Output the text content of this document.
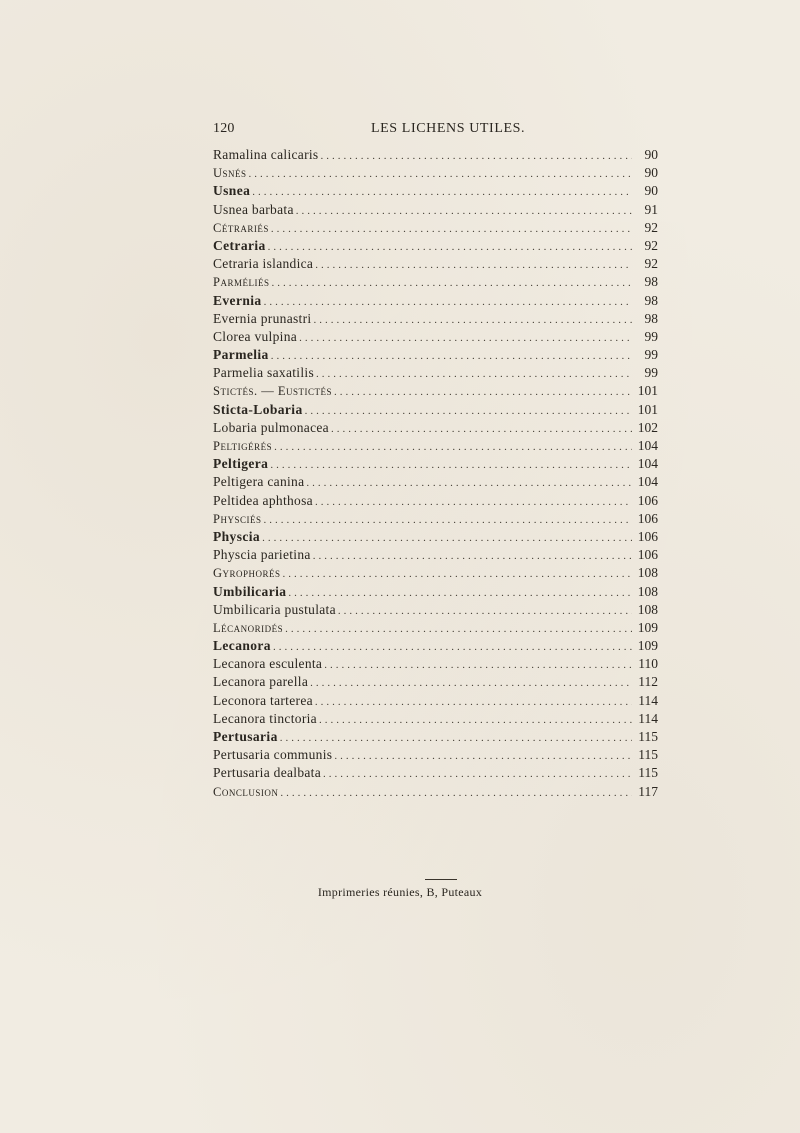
120	LES LICHENS UTILES.
Ramalina calicaris .....	90
Usnés .....	90
Usnea .....	90
Usnea barbata .....	91
Cétrariés .....	92
Cetraria .....	92
Cetraria islandica .....	92
Parméliés .....	98
Evernia .....	98
Evernia prunastri .....	98
Clorea vulpina .....	99
Parmelia .....	99
Parmelia saxatilis .....	99
Stictés. — Eustictés .....	101
Sticta-Lobaria .....	101
Lobaria pulmonacea .....	102
Peltigérés .....	104
Peltigera .....	104
Peltigera canina .....	104
Peltidea aphthosa .....	106
Physciés .....	106
Physcia .....	106
Physcia parietina .....	106
Gyrophorés .....	108
Umbilicaria .....	108
Umbilicaria pustulata .....	108
Lécanoridés .....	109
Lecanora .....	109
Lecanora esculenta .....	110
Lecanora parella .....	112
Leconora tarterea .....	114
Lecanora tinctoria .....	114
Pertusaria .....	115
Pertusaria communis .....	115
Pertusaria dealbata .....	115
Conclusion .....	117
Imprimeries réunies, B, Puteaux
